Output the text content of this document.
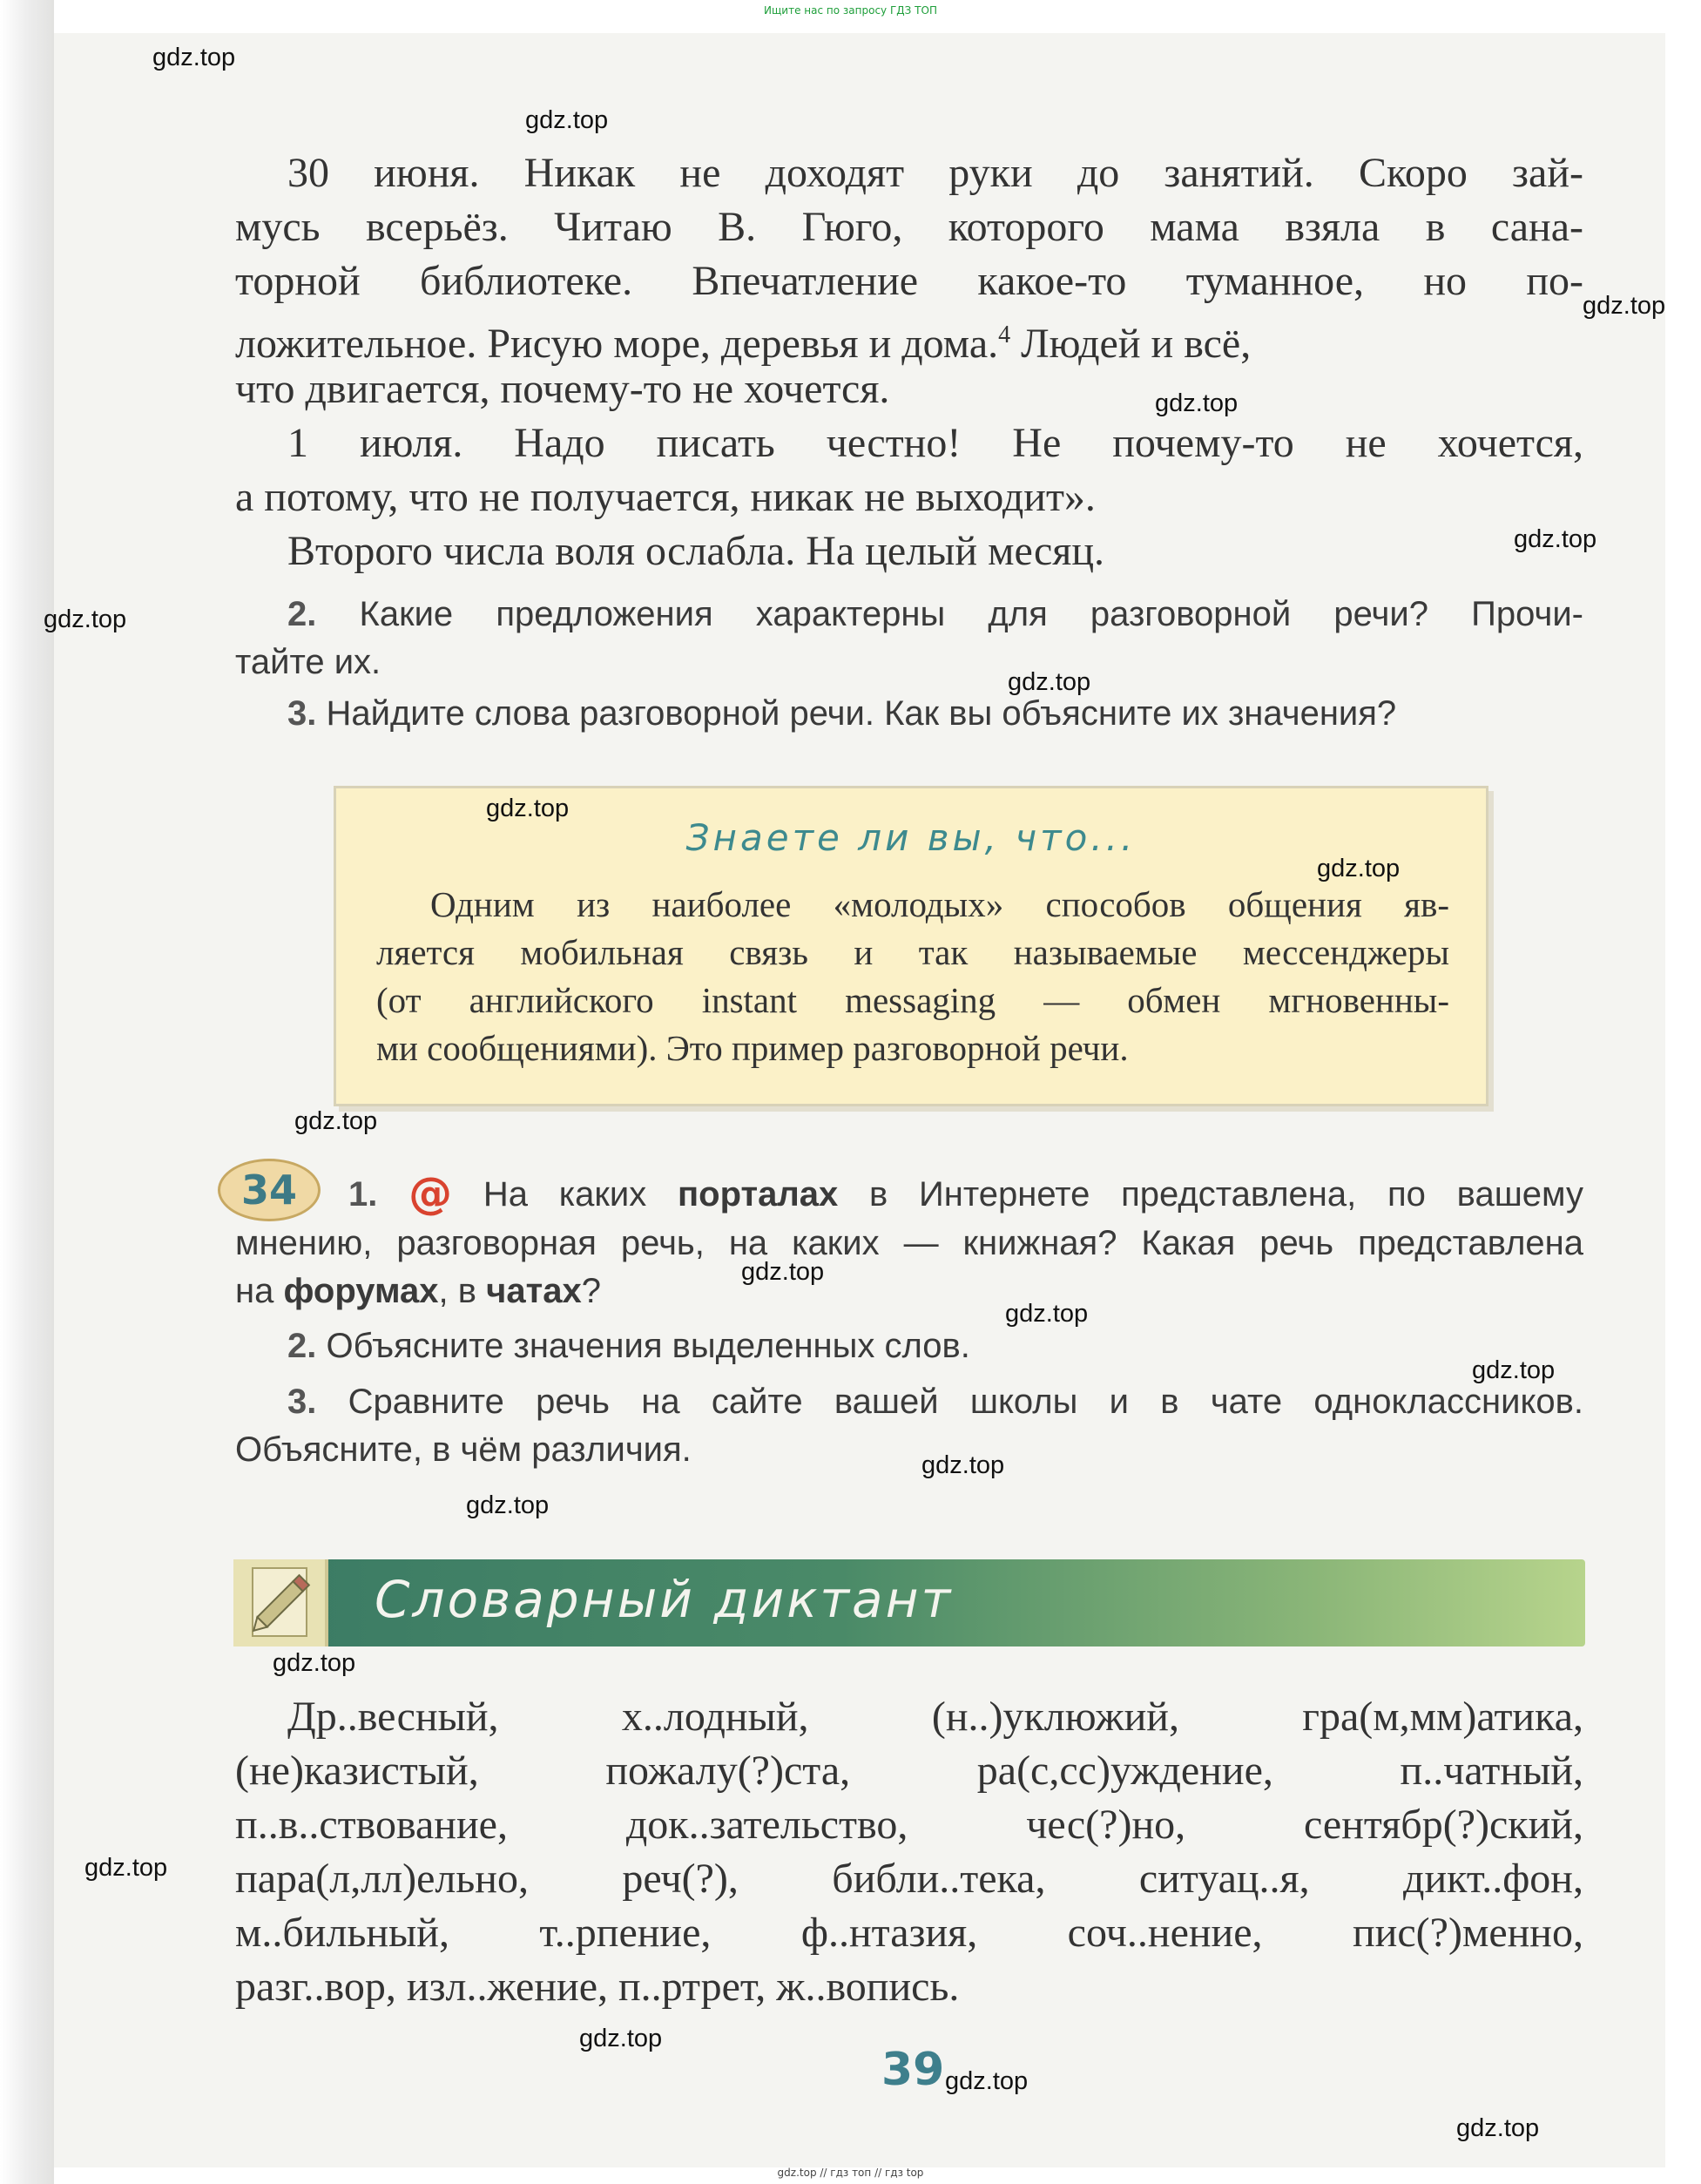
Ищите нас по запросу ГДЗ ТОП
30 июня. Никак не доходят руки до занятий. Скоро зай-
мусь всерьёз. Читаю В. Гюго, которого мама взяла в сана-
торной библиотеке. Впечатление какое-то туманное, но по-
ложительное. Рисую море, деревья и дома.$^4$ Людей и всё,
что двигается, почему-то не хочется.
1 июля. Надо писать честно! Не почему-то не хочется,
а потому, что не получается, никак не выходит».
Второго числа воля ослабла. На целый месяц.
2. Какие предложения характерны для разговорной речи? Прочи-
тайте их.
3. Найдите слова разговорной речи. Как вы объясните их значения?
Знаете ли вы, что...
Одним из наиболее «молодых» способов общения яв-
ляется мобильная связь и так называемые мессенджеры
(от английского instant messaging — обмен мгновенны-
ми сообщениями). Это пример разговорной речи.
34	1. @ На каких порталах в Интернете представлена, по вашему
мнению, разговорная речь, на каких — книжная? Какая речь представлена
на форумах, в чатах?
2. Объясните значения выделенных слов.
3. Сравните речь на сайте вашей школы и в чате одноклассников.
Объясните, в чём различия.
Словарный диктант
Др..весный, х..лодный, (н..)уклюжий, гра(м,мм)атика,
(не)казистый, пожалу(?)ста, ра(с,сс)уждение, п..чатный,
п..в..ствование, док..зательство, чес(?)но, сентябр(?)ский,
пара(л,лл)ельно, реч(?), библи..тека, ситуац..я, дикт..фон,
м..бильный, т..рпение, ф..нтазия, соч..нение, пис(?)менно,
разг..вор, изл..жение, п..ртрет, ж..вопись.
39
gdz.top
gdz.top
gdz.top
gdz.top
gdz.top
gdz.top
gdz.top
gdz.top
gdz.top
gdz.top
gdz.top
gdz.top
gdz.top
gdz.top
gdz.top
gdz.top
gdz.top
gdz.top
gdz.top
gdz.top
gdz.top // гдз топ // гдз top
